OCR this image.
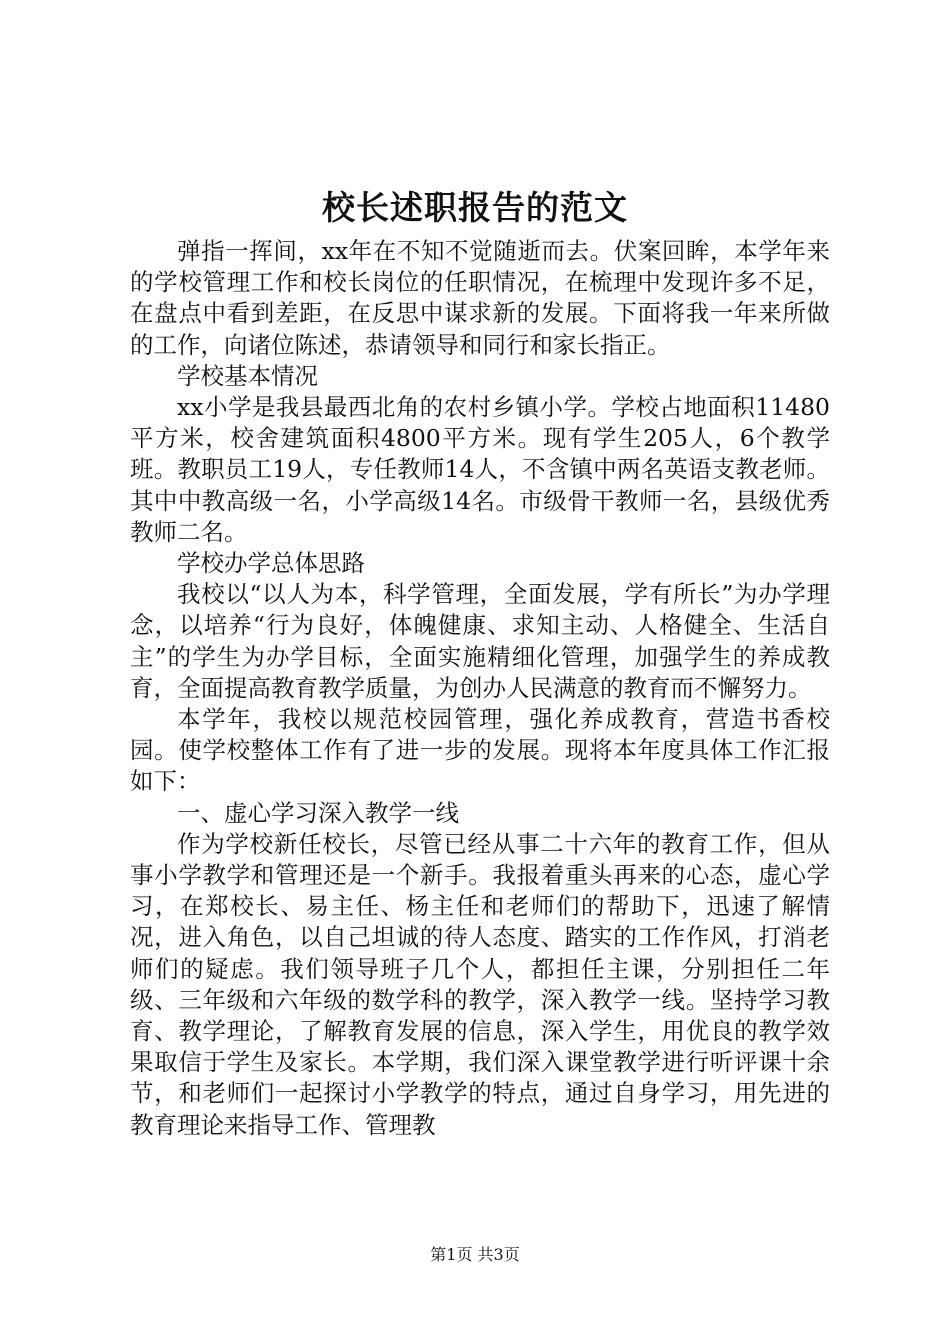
校长述职报告的范文

弹指一挥间，xx年在不知不觉随逝而去。伏案回眸，本学年来的学校管理工作和校长岗位的任职情况，在梳理中发现许多不足，在盘点中看到差距，在反思中谋求新的发展。下面将我一年来所做的工作，向诸位陈述，恭请领导和同行和家长指正。

学校基本情况

xx小学是我县最西北角的农村乡镇小学。学校占地面积11480平方米，校舍建筑面积4800平方米。现有学生205人，6个教学班。教职员工19人，专任教师14人，不含镇中两名英语支教老师。其中中教高级一名，小学高级14名。市级骨干教师一名，县级优秀教师二名。

学校办学总体思路

我校以“以人为本，科学管理，全面发展，学有所长”为办学理念，以培养“行为良好，体魄健康、求知主动、人格健全、生活自主”的学生为办学目标，全面实施精细化管理，加强学生的养成教育，全面提高教育教学质量，为创办人民满意的教育而不懈努力。

本学年，我校以规范校园管理，强化养成教育，营造书香校园。使学校整体工作有了进一步的发展。现将本年度具体工作汇报如下：

一、虚心学习深入教学一线

作为学校新任校长，尽管已经从事二十六年的教育工作，但从事小学教学和管理还是一个新手。我报着重头再来的心态，虚心学习，在郑校长、易主任、杨主任和老师们的帮助下，迅速了解情况，进入角色，以自己坦诚的待人态度、踏实的工作作风，打消老师们的疑虑。我们领导班子几个人，都担任主课，分别担任二年级、三年级和六年级的数学科的教学，深入教学一线。坚持学习教育、教学理论，了解教育发展的信息，深入学生，用优良的教学效果取信于学生及家长。本学期，我们深入课堂教学进行听评课十余节，和老师们一起探讨小学教学的特点，通过自身学习，用先进的教育理论来指导工作、管理教

第1页 共3页
